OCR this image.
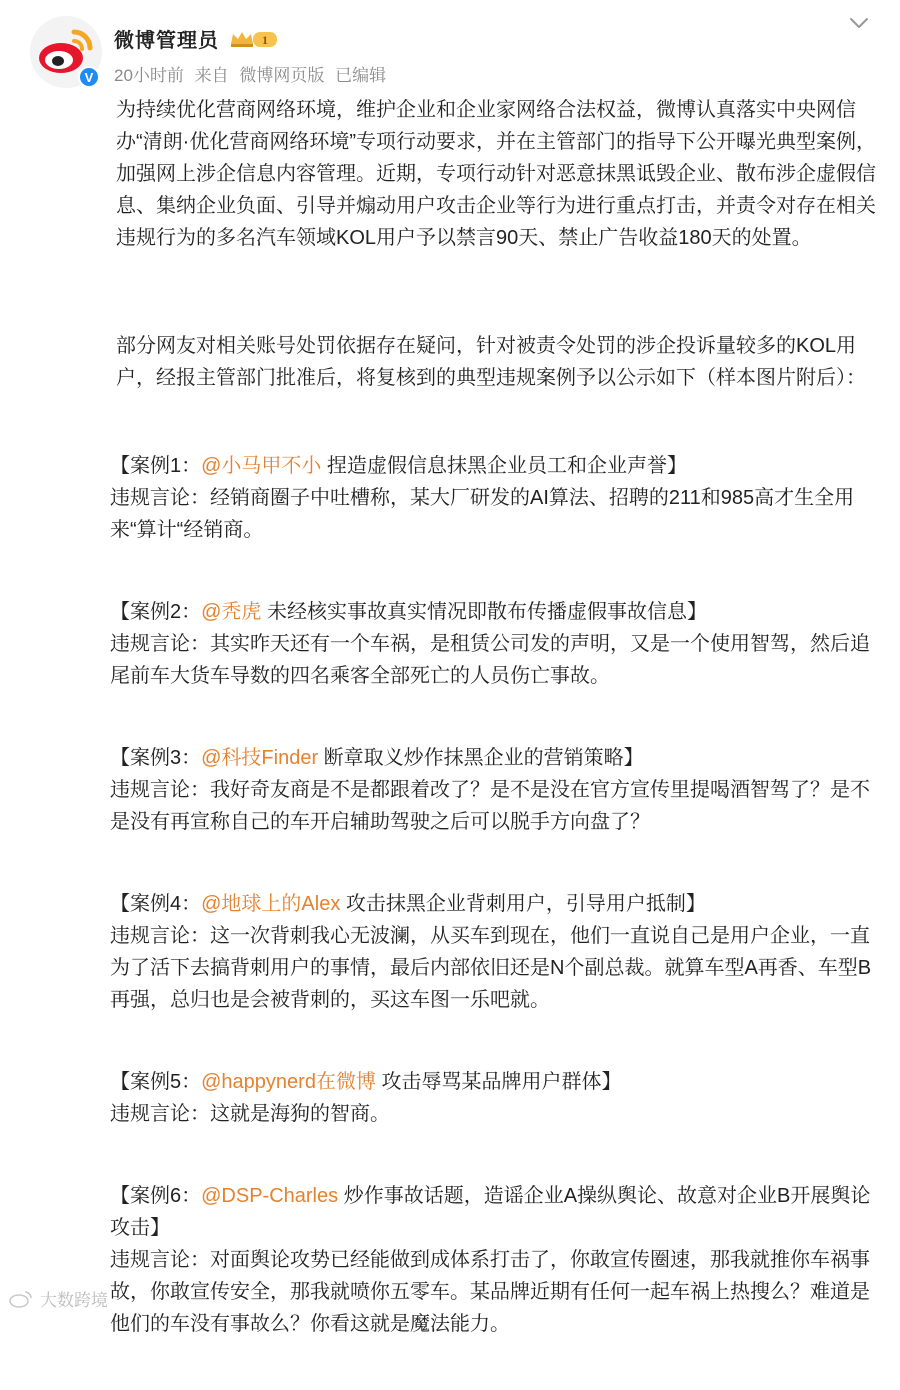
V
微博管理员	1
20小时前 来自 微博网页版 已编辑
为持续优化营商网络环境，维护企业和企业家网络合法权益，微博认真落实中央网信办“清朗·优化营商网络环境”专项行动要求，并在主管部门的指导下公开曝光典型案例，加强网上涉企信息内容管理。近期，专项行动针对恶意抹黑诋毁企业、散布涉企虚假信息、集纳企业负面、引导并煽动用户攻击企业等行为进行重点打击，并责令对存在相关违规行为的多名汽车领域KOL用户予以禁言90天、禁止广告收益180天的处置。
部分网友对相关账号处罚依据存在疑问，针对被责令处罚的涉企投诉量较多的KOL用户，经报主管部门批准后，将复核到的典型违规案例予以公示如下（样本图片附后）：
【案例1：@小马甲不小 捏造虚假信息抹黑企业员工和企业声誉】
违规言论：经销商圈子中吐槽称，某大厂研发的AI算法、招聘的211和985高才生全用来“算计“经销商。
【案例2：@秃虎 未经核实事故真实情况即散布传播虚假事故信息】
违规言论：其实昨天还有一个车祸，是租赁公司发的声明，又是一个使用智驾，然后追尾前车大货车导数的四名乘客全部死亡的人员伤亡事故。
【案例3：@科技Finder 断章取义炒作抹黑企业的营销策略】
违规言论：我好奇友商是不是都跟着改了？是不是没在官方宣传里提喝酒智驾了？是不是没有再宣称自己的车开启辅助驾驶之后可以脱手方向盘了？
【案例4：@地球上的Alex 攻击抹黑企业背刺用户，引导用户抵制】
违规言论：这一次背刺我心无波澜，从买车到现在，他们一直说自己是用户企业，一直为了活下去搞背刺用户的事情，最后内部依旧还是N个副总裁。就算车型A再香、车型B再强，总归也是会被背刺的，买这车图一乐吧就。
【案例5：@happynerd在微博 攻击辱骂某品牌用户群体】
违规言论：这就是海狗的智商。
【案例6：@DSP-Charles 炒作事故话题，造谣企业A操纵舆论、故意对企业B开展舆论攻击】
违规言论：对面舆论攻势已经能做到成体系打击了，你敢宣传圈速，那我就推你车祸事故，你敢宣传安全，那我就喷你五零车。某品牌近期有任何一起车祸上热搜么？难道是他们的车没有事故么？你看这就是魔法能力。
大数跨境
